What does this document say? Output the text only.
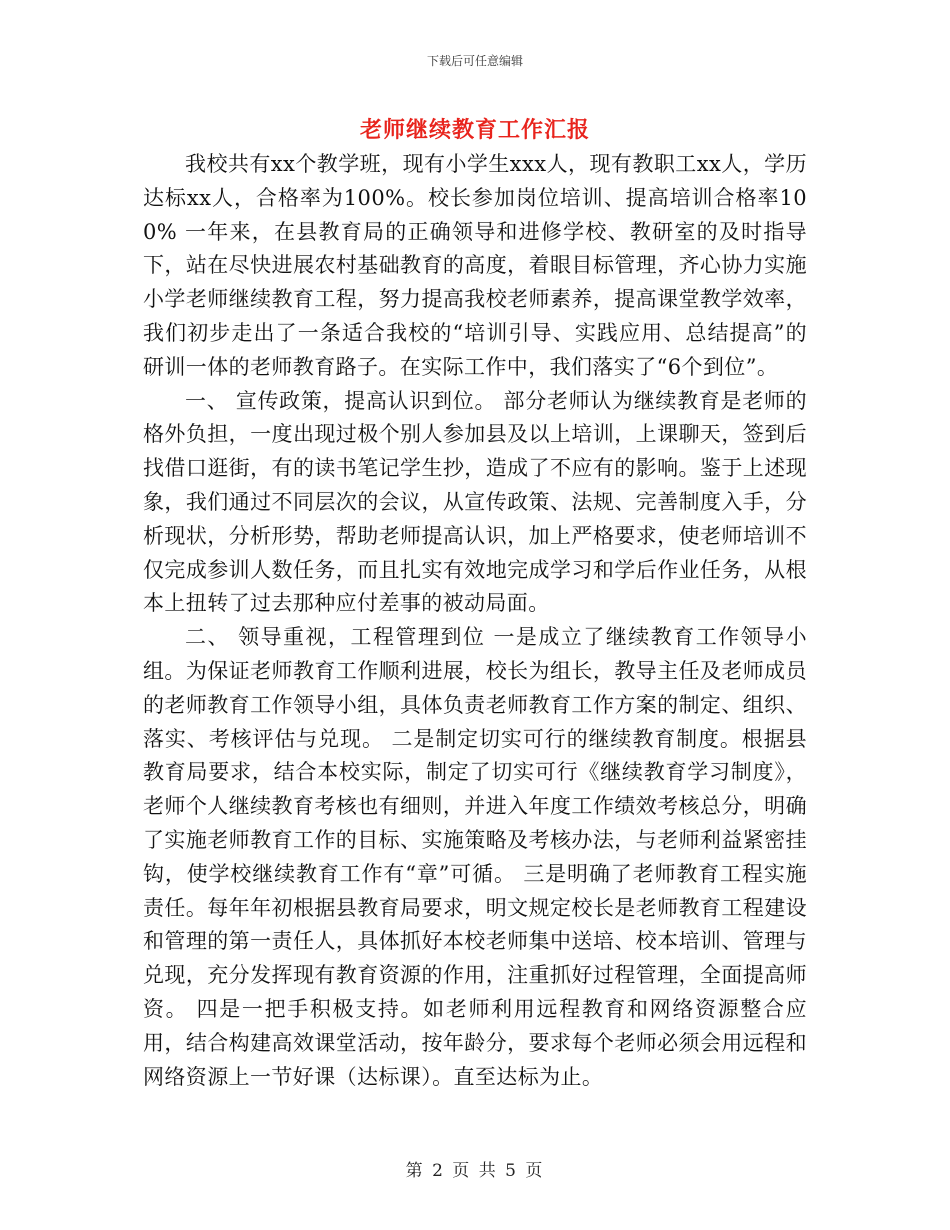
下载后可任意编辑
老师继续教育工作汇报

我校共有xx个教学班，现有小学生xxx人，现有教职工xx人，学历达标xx人，合格率为100%。校长参加岗位培训、提高培训合格率100% 一年来，在县教育局的正确领导和进修学校、教研室的及时指导下，站在尽快进展农村基础教育的高度，着眼目标管理，齐心协力实施小学老师继续教育工程，努力提高我校老师素养，提高课堂教学效率，我们初步走出了一条适合我校的“培训引导、实践应用、总结提高”的研训一体的老师教育路子。在实际工作中，我们落实了“6个到位”。

一、 宣传政策，提高认识到位。 部分老师认为继续教育是老师的格外负担，一度出现过极个别人参加县及以上培训，上课聊天，签到后找借口逛街，有的读书笔记学生抄，造成了不应有的影响。鉴于上述现象，我们通过不同层次的会议，从宣传政策、法规、完善制度入手，分析现状，分析形势，帮助老师提高认识，加上严格要求，使老师培训不仅完成参训人数任务，而且扎实有效地完成学习和学后作业任务，从根本上扭转了过去那种应付差事的被动局面。

二、 领导重视，工程管理到位 一是成立了继续教育工作领导小组。为保证老师教育工作顺利进展，校长为组长，教导主任及老师成员的老师教育工作领导小组，具体负责老师教育工作方案的制定、组织、落实、考核评估与兑现。 二是制定切实可行的继续教育制度。根据县教育局要求，结合本校实际，制定了切实可行《继续教育学习制度》，老师个人继续教育考核也有细则，并进入年度工作绩效考核总分，明确了实施老师教育工作的目标、实施策略及考核办法，与老师利益紧密挂钩，使学校继续教育工作有“章”可循。 三是明确了老师教育工程实施责任。每年年初根据县教育局要求，明文规定校长是老师教育工程建设和管理的第一责任人，具体抓好本校老师集中送培、校本培训、管理与兑现，充分发挥现有教育资源的作用，注重抓好过程管理，全面提高师资。 四是一把手积极支持。如老师利用远程教育和网络资源整合应用，结合构建高效课堂活动，按年龄分，要求每个老师必须会用远程和网络资源上一节好课（达标课）。直至达标为止。

第 2 页 共 5 页
